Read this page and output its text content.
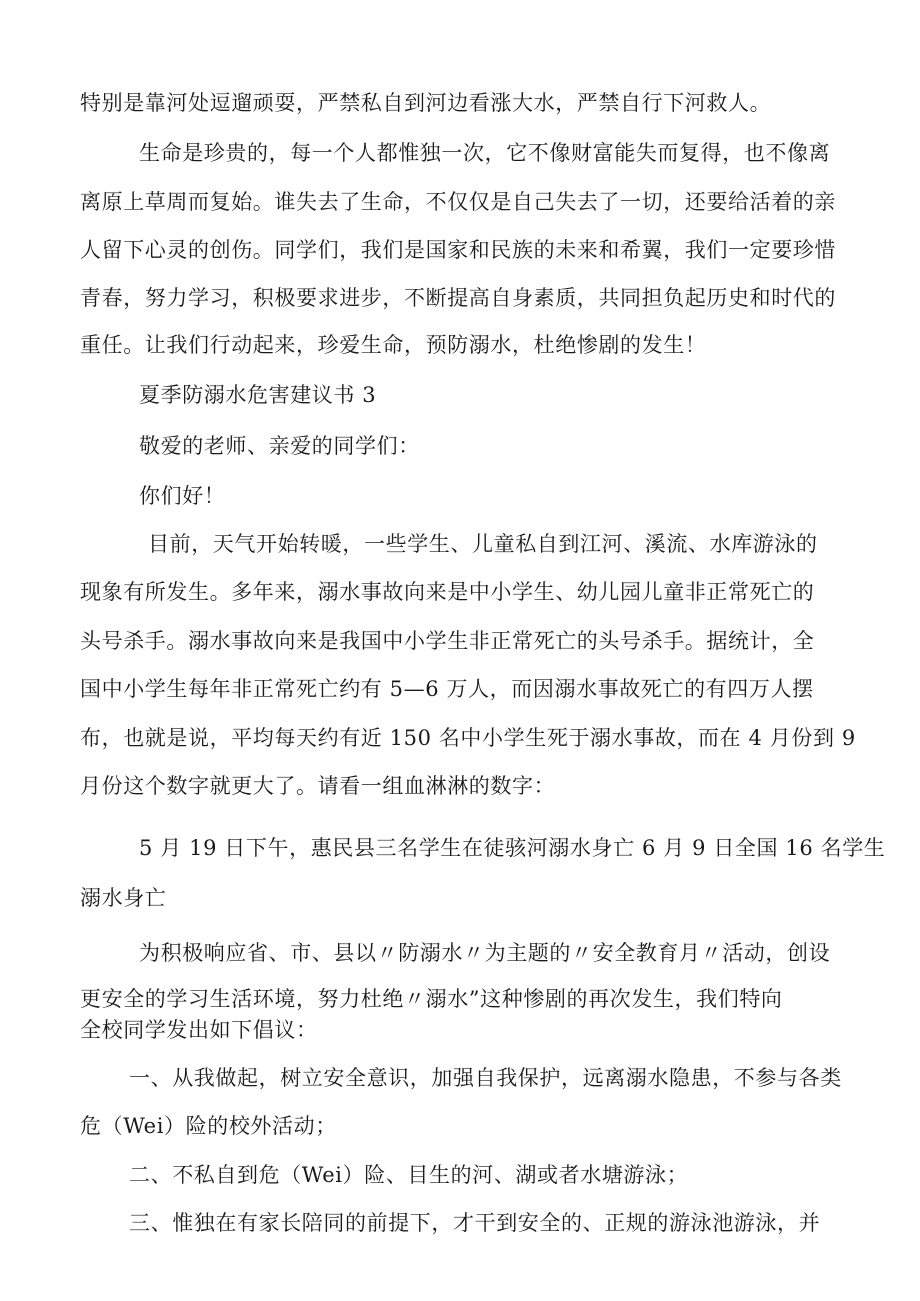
特别是靠河处逗遛顽耍，严禁私自到河边看涨大水，严禁自行下河救人。
生命是珍贵的，每一个人都惟独一次，它不像财富能失而复得，也不像离
离原上草周而复始。谁失去了生命，不仅仅是自己失去了一切，还要给活着的亲
人留下心灵的创伤。同学们，我们是国家和民族的未来和希翼，我们一定要珍惜
青春，努力学习，积极要求进步，不断提高自身素质，共同担负起历史和时代的
重任。让我们行动起来，珍爱生命，预防溺水，杜绝惨剧的发生！
夏季防溺水危害建议书 3
敬爱的老师、亲爱的同学们：
你们好！
目前，天气开始转暖，一些学生、儿童私自到江河、溪流、水库游泳的
现象有所发生。多年来，溺水事故向来是中小学生、幼儿园儿童非正常死亡的
头号杀手。溺水事故向来是我国中小学生非正常死亡的头号杀手。据统计，全
国中小学生每年非正常死亡约有 5—6 万人，而因溺水事故死亡的有四万人摆
布，也就是说，平均每天约有近 150 名中小学生死于溺水事故，而在 4 月份到 9
月份这个数字就更大了。请看一组血淋淋的数字：
5 月 19 日下午，惠民县三名学生在徒骇河溺水身亡 6 月 9 日全国 16 名学生
溺水身亡
为积极响应省、市、县以〃防溺水〃为主题的〃安全教育月〃活动，创设
更安全的学习生活环境，努力杜绝〃溺水”这种惨剧的再次发生，我们特向
全校同学发出如下倡议：
一、从我做起，树立安全意识，加强自我保护，远离溺水隐患，不参与各类
危（Wei）险的校外活动；
二、不私自到危（Wei）险、目生的河、湖或者水塘游泳；
三、惟独在有家长陪同的前提下，才干到安全的、正规的游泳池游泳，并
